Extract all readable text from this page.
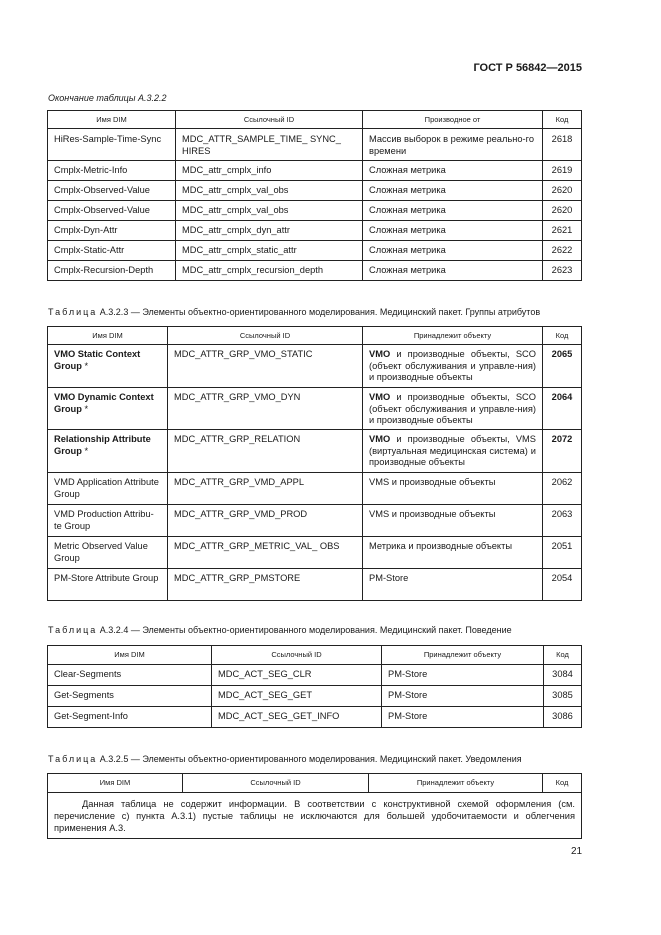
ГОСТ Р 56842—2015
Окончание таблицы А.3.2.2
Имя DIM	Ссылочный ID	Производное от	Код
HiRes-Sample-Time-Sync	MDC_ATTR_SAMPLE_TIME_ SYNC_ HIRES	Массив выборок в режиме реально-го времени	2618
Cmplx-Metric-Info	MDC_attr_cmplx_info	Сложная метрика	2619
Cmplx-Observed-Value	MDC_attr_cmplx_val_obs	Сложная метрика	2620
Cmplx-Observed-Value	MDC_attr_cmplx_val_obs	Сложная метрика	2620
Cmplx-Dyn-Attr	MDC_attr_cmplx_dyn_attr	Сложная метрика	2621
Cmplx-Static-Attr	MDC_attr_cmplx_static_attr	Сложная метрика	2622
Cmplx-Recursion-Depth	MDC_attr_cmplx_recursion_depth	Сложная метрика	2623
Таблица А.3.2.3 — Элементы объектно-ориентированного моделирования. Медицинский пакет. Группы атрибутов
Имя DIM	Ссылочный ID	Принадлежит объекту	Код
VMO Static Context Group *	MDC_ATTR_GRP_VMO_STATIC	VMO и производные объекты, SCO (объект обслуживания и управле-ния) и производные объекты	2065
VMO Dynamic Context Group *	MDC_ATTR_GRP_VMO_DYN	VMO и производные объекты, SCO (объект обслуживания и управле-ния) и производные объекты	2064
Relationship Attribute Group *	MDC_ATTR_GRP_RELATION	VMO и производные объекты, VMS (виртуальная медицинская система) и производные объекты	2072
VMD Application Attribute Group	MDC_ATTR_GRP_VMD_APPL	VMS и производные объекты	2062
VMD Production Attribu-te Group	MDC_ATTR_GRP_VMD_PROD	VMS и производные объекты	2063
Metric Observed Value Group	MDC_ATTR_GRP_METRIC_VAL_ OBS	Метрика и производные объекты	2051
PM-Store Attribute Group	MDC_ATTR_GRP_PMSTORE	PM-Store	2054
Таблица А.3.2.4 — Элементы объектно-ориентированного моделирования. Медицинский пакет. Поведение
Имя DIM	Ссылочный ID	Принадлежит объекту	Код
Clear-Segments	MDC_ACT_SEG_CLR	PM-Store	3084
Get-Segments	MDC_ACT_SEG_GET	PM-Store	3085
Get-Segment-Info	MDC_ACT_SEG_GET_INFO	PM-Store	3086
Таблица А.3.2.5 — Элементы объектно-ориентированного моделирования. Медицинский пакет. Уведомления
Имя DIM	Ссылочный ID	Принадлежит объекту	Код
Данная таблица не содержит информации. В соответствии с конструктивной схемой оформления (см. перечисление c) пункта А.3.1) пустые таблицы не исключаются для большей удобочитаемости и облегчения применения А.3.
21
